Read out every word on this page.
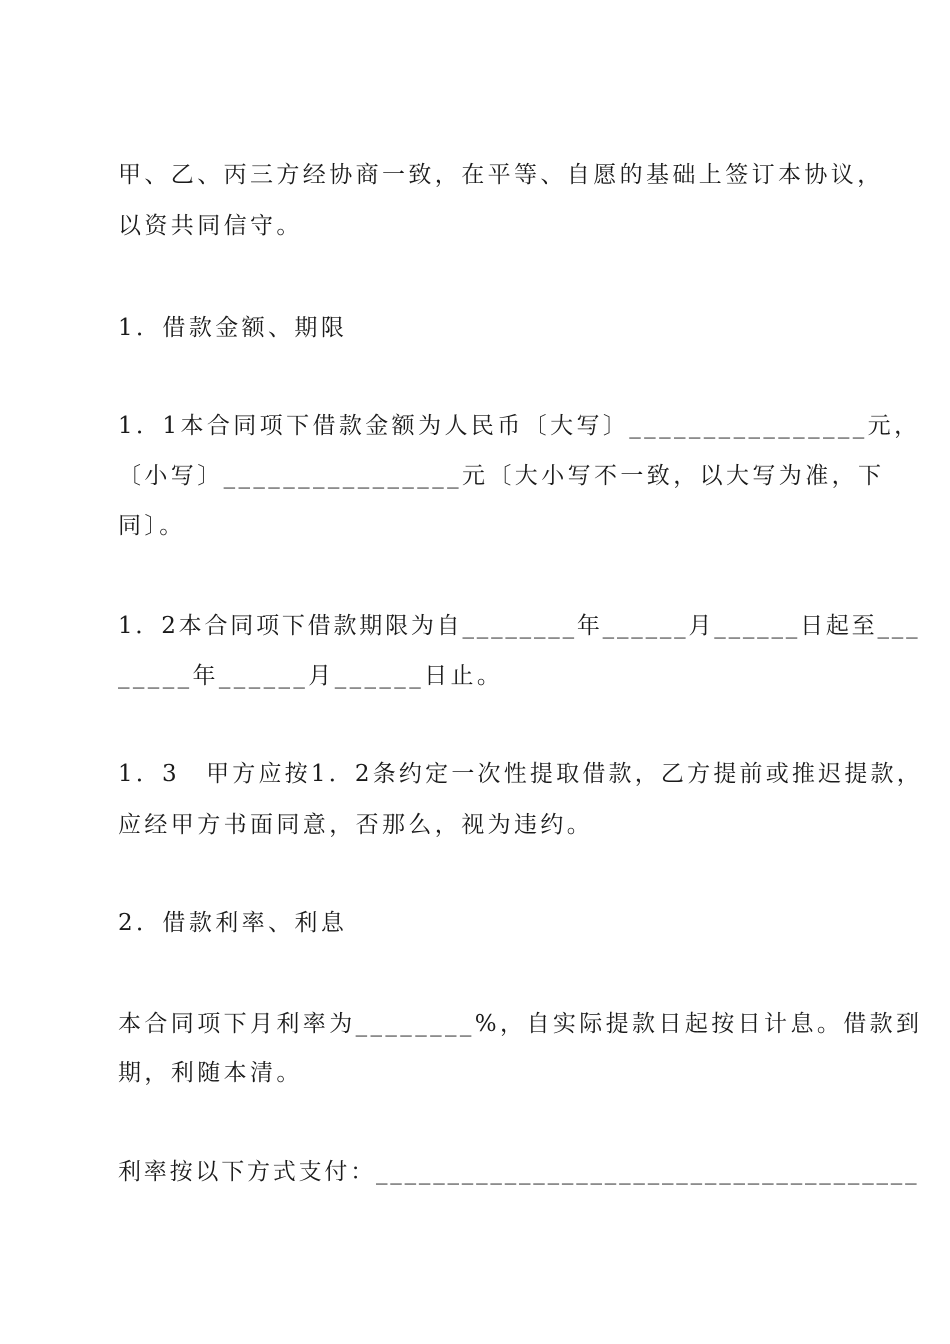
甲、乙、丙三方经协商一致，在平等、自愿的基础上签订本协议，
以资共同信守。
1．借款金额、期限
1．1本合同项下借款金额为人民币〔大写〕________________元，
〔小写〕________________元〔大小写不一致，以大写为准，下
同〕。
1．2本合同项下借款期限为自________年______月______日起至___
_____年______月______日止。
1．3　甲方应按1．2条约定一次性提取借款，乙方提前或推迟提款，
应经甲方书面同意，否那么，视为违约。
2．借款利率、利息
本合同项下月利率为________%，自实际提款日起按日计息。借款到
期，利随本清。
利率按以下方式支付：______________________________________
